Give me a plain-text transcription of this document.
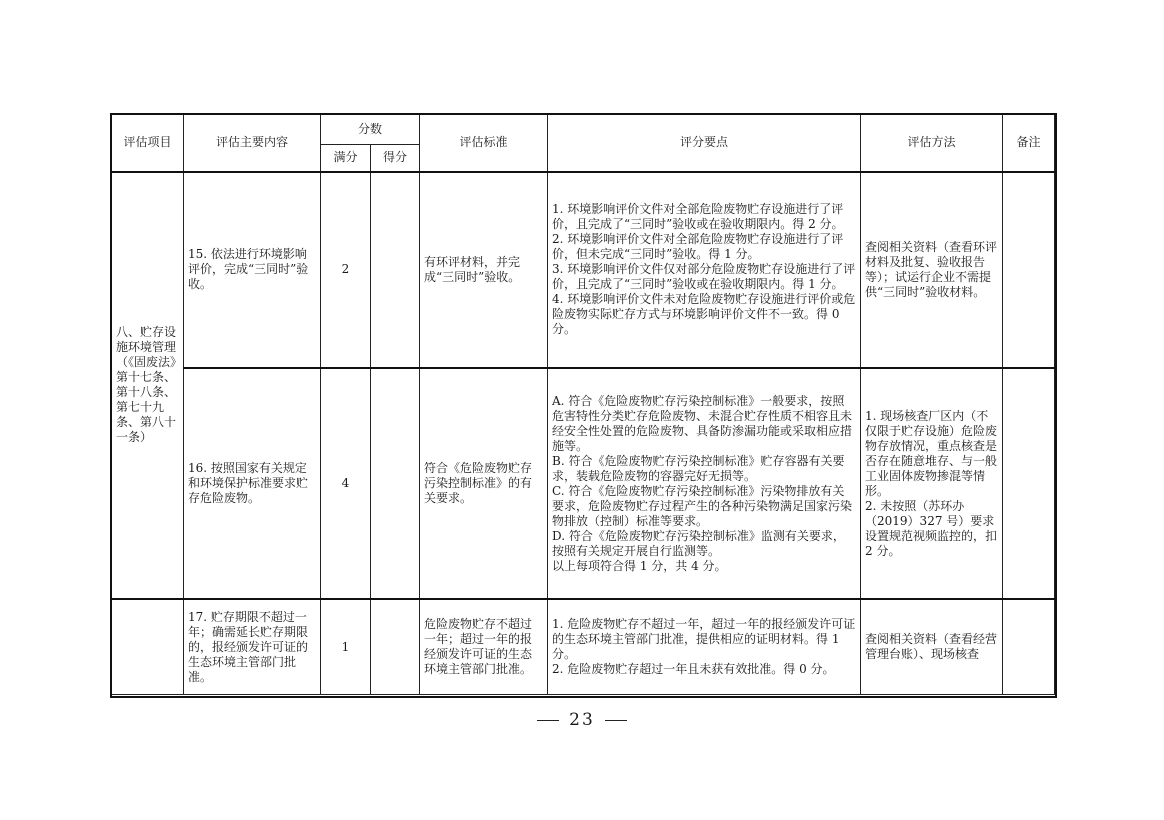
评估项目	评估主要内容	分数		评估标准	评分要点	评估方法	备注
		满分	得分				
八、贮存设施环境管理（《固废法》第十七条、第十八条、第七十九条、第八十一条）	15. 依法进行环境影响评价，完成“三同时”验收。	2		有环评材料，并完成“三同时”验收。	1. 环境影响评价文件对全部危险废物贮存设施进行了评价，且完成了“三同时”验收或在验收期限内。得 2 分。
2. 环境影响评价文件对全部危险废物贮存设施进行了评价，但未完成“三同时”验收。得 1 分。
3. 环境影响评价文件仅对部分危险废物贮存设施进行了评价，且完成了“三同时”验收或在验收期限内。得 1 分。
4. 环境影响评价文件未对危险废物贮存设施进行评价或危险废物实际贮存方式与环境影响评价文件不一致。得 0 分。	查阅相关资料（查看环评材料及批复、验收报告等）；试运行企业不需提供“三同时”验收材料。	
	16. 按照国家有关规定和环境保护标准要求贮存危险废物。	4		符合《危险废物贮存污染控制标准》的有关要求。	A. 符合《危险废物贮存污染控制标准》一般要求，按照危害特性分类贮存危险废物、未混合贮存性质不相容且未经安全性处置的危险废物、具备防渗漏功能或采取相应措施等。
B. 符合《危险废物贮存污染控制标准》贮存容器有关要求，装载危险废物的容器完好无损等。
C. 符合《危险废物贮存污染控制标准》污染物排放有关要求，危险废物贮存过程产生的各种污染物满足国家污染物排放（控制）标准等要求。
D. 符合《危险废物贮存污染控制标准》监测有关要求，按照有关规定开展自行监测等。
以上每项符合得 1 分，共 4 分。	1. 现场核查厂区内（不仅限于贮存设施）危险废物存放情况，重点核查是否存在随意堆存、与一般工业固体废物掺混等情形。
2. 未按照（苏环办（2019）327 号）要求设置规范视频监控的，扣 2 分。	

	17. 贮存期限不超过一年；确需延长贮存期限的，报经颁发许可证的生态环境主管部门批准。	1		危险废物贮存不超过一年；超过一年的报经颁发许可证的生态环境主管部门批准。	1. 危险废物贮存不超过一年，超过一年的报经颁发许可证的生态环境主管部门批准，提供相应的证明材料。得 1 分。
2. 危险废物贮存超过一年且未获有效批准。得 0 分。	查阅相关资料（查看经营管理台账）、现场核查	
23
